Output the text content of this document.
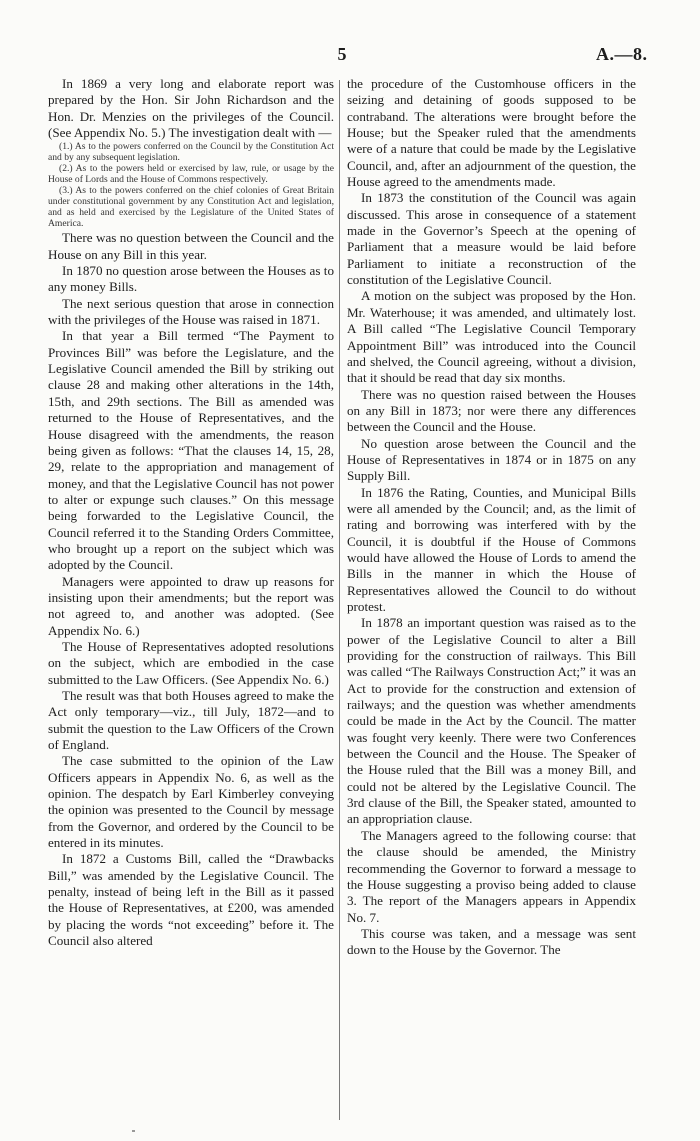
5	A.—8.

In 1869 a very long and elaborate report was prepared by the Hon. Sir John Richardson and the Hon. Dr. Menzies on the privileges of the Council. (See Appendix No. 5.) The investigation dealt with —

(1.) As to the powers conferred on the Council by the Constitution Act and by any subsequent legislation.
(2.) As to the powers held or exercised by law, rule, or usage by the House of Lords and the House of Commons respectively.
(3.) As to the powers conferred on the chief colonies of Great Britain under constitutional government by any Constitution Act and legislation, and as held and exercised by the Legislature of the United States of America.

There was no question between the Council and the House on any Bill in this year.

In 1870 no question arose between the Houses as to any money Bills.

The next serious question that arose in connection with the privileges of the House was raised in 1871.

In that year a Bill termed “The Payment to Provinces Bill” was before the Legislature, and the Legislative Council amended the Bill by striking out clause 28 and making other alterations in the 14th, 15th, and 29th sections. The Bill as amended was returned to the House of Representatives, and the House disagreed with the amendments, the reason being given as follows: “That the clauses 14, 15, 28, 29, relate to the appropriation and management of money, and that the Legislative Council has not power to alter or expunge such clauses.” On this message being forwarded to the Legislative Council, the Council referred it to the Standing Orders Committee, who brought up a report on the subject which was adopted by the Council.

Managers were appointed to draw up reasons for insisting upon their amendments; but the report was not agreed to, and another was adopted. (See Appendix No. 6.)

The House of Representatives adopted resolutions on the subject, which are embodied in the case submitted to the Law Officers. (See Appendix No. 6.)

The result was that both Houses agreed to make the Act only temporary—viz., till July, 1872—and to submit the question to the Law Officers of the Crown of England.

The case submitted to the opinion of the Law Officers appears in Appendix No. 6, as well as the opinion. The despatch by Earl Kimberley conveying the opinion was presented to the Council by message from the Governor, and ordered by the Council to be entered in its minutes.

In 1872 a Customs Bill, called the “Drawbacks Bill,” was amended by the Legislative Council. The penalty, instead of being left in the Bill as it passed the House of Representatives, at £200, was amended by placing the words “not exceeding” before it. The Council also altered

the procedure of the Customhouse officers in the seizing and detaining of goods supposed to be contraband. The alterations were brought before the House; but the Speaker ruled that the amendments were of a nature that could be made by the Legislative Council, and, after an adjournment of the question, the House agreed to the amendments made.

In 1873 the constitution of the Council was again discussed. This arose in consequence of a statement made in the Governor’s Speech at the opening of Parliament that a measure would be laid before Parliament to initiate a reconstruction of the constitution of the Legislative Council.

A motion on the subject was proposed by the Hon. Mr. Waterhouse; it was amended, and ultimately lost. A Bill called “The Legislative Council Temporary Appointment Bill” was introduced into the Council and shelved, the Council agreeing, without a division, that it should be read that day six months.

There was no question raised between the Houses on any Bill in 1873; nor were there any differences between the Council and the House.

No question arose between the Council and the House of Representatives in 1874 or in 1875 on any Supply Bill.

In 1876 the Rating, Counties, and Municipal Bills were all amended by the Council; and, as the limit of rating and borrowing was interfered with by the Council, it is doubtful if the House of Commons would have allowed the House of Lords to amend the Bills in the manner in which the House of Representatives allowed the Council to do without protest.

In 1878 an important question was raised as to the power of the Legislative Council to alter a Bill providing for the construction of railways. This Bill was called “The Railways Construction Act;” it was an Act to provide for the construction and extension of railways; and the question was whether amendments could be made in the Act by the Council. The matter was fought very keenly. There were two Conferences between the Council and the House. The Speaker of the House ruled that the Bill was a money Bill, and could not be altered by the Legislative Council. The 3rd clause of the Bill, the Speaker stated, amounted to an appropriation clause.

The Managers agreed to the following course: that the clause should be amended, the Ministry recommending the Governor to forward a message to the House suggesting a proviso being added to clause 3. The report of the Managers appears in Appendix No. 7.

This course was taken, and a message was sent down to the House by the Governor. The
